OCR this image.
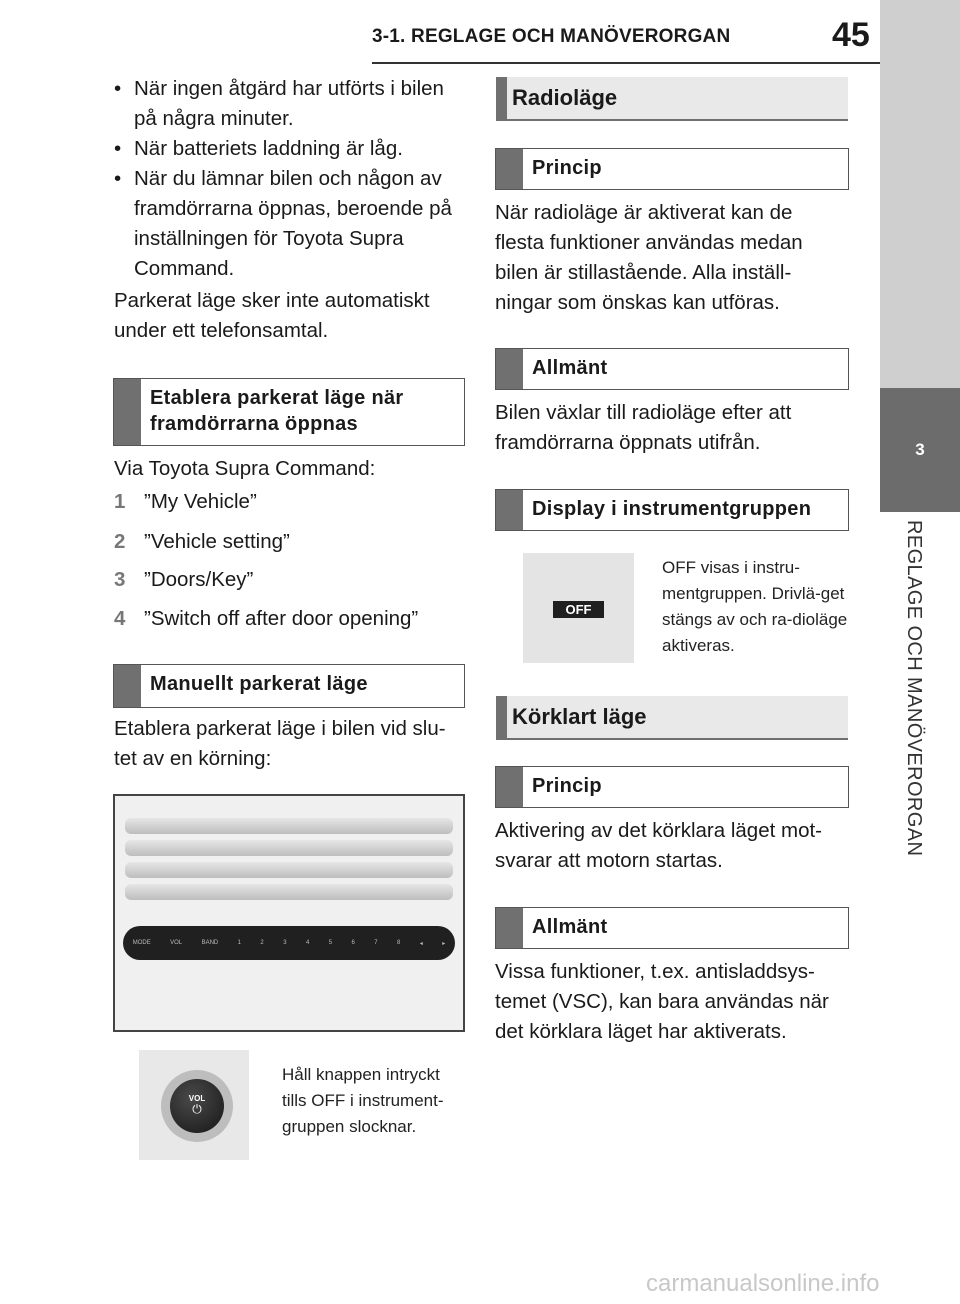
3-1. REGLAGE OCH MANÖVERORGAN	45
3
REGLAGE OCH MANÖVERORGAN
• När ingen åtgärd har utförts i bilen på några minuter.
• När batteriets laddning är låg.
• När du lämnar bilen och någon av framdörrarna öppnas, beroende på inställningen för Toyota Supra Command.
Parkerat läge sker inte automatiskt under ett telefonsamtal.
Etablera parkerat läge när framdörrarna öppnas
Via Toyota Supra Command:
1 ”My Vehicle”
2 ”Vehicle setting”
3 ”Doors/Key”
4 ”Switch off after door opening”
Manuellt parkerat läge
Etablera parkerat läge i bilen vid slu-tet av en körning:
MODE	VOL	BAND	1	2	3	4	5	6	7	8	◂	▸
VOL
⏻
Håll knappen intryckt tills OFF i instrument-gruppen slocknar.
Radioläge
Princip
När radioläge är aktiverat kan de flesta funktioner användas medan bilen är stillastående. Alla inställ-ningar som önskas kan utföras.
Allmänt
Bilen växlar till radioläge efter att framdörrarna öppnats utifrån.
Display i instrumentgruppen
OFF
OFF visas i instru-mentgruppen. Drivlä-get stängs av och ra-dioläge aktiveras.
Körklart läge
Princip
Aktivering av det körklara läget mot-svarar att motorn startas.
Allmänt
Vissa funktioner, t.ex. antisladdsys-temet (VSC), kan bara användas när det körklara läget har aktiverats.
carmanualsonline.info
